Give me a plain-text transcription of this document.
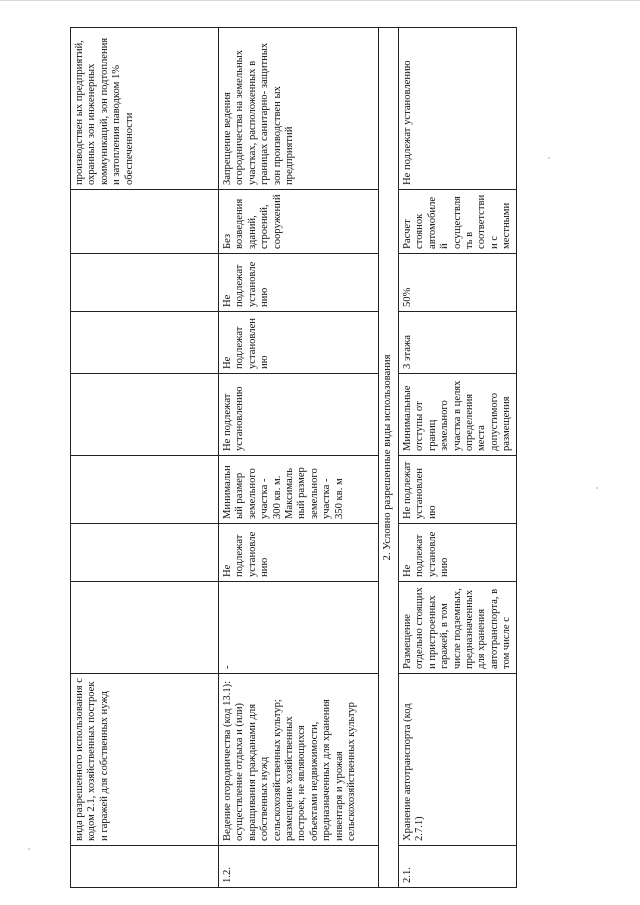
	вида разрешенного использования с кодом 2.1, хозяйственных построек и гаражей для собственных нужд								производствен ых предприятий, охранных зон инженерных коммуникаций, зон подтопления и затопления паводком 1% обеспеченности

1.2.	Ведение огородничества (код 13.1): осуществление отдыха и (или) выращивания гражданами для собственных нужд сельскохозяйственных культур; размещение хозяйственных построек, не являющихся объектами недвижимости, предназначенных для хранения инвентаря и урожая сельскохозяйственных культур	-	Не подлежат установле нию	Минимальн ый размер земельного участка - 300 кв. м. Максималь ный размер земельного участка - 350 кв. м	Не подлежат установлению	Не подлежат установлен ию	Не подлежат установле нию	Без возведения зданий, строений, сооружений	Запрещение ведения огородничества на земельных участках, расположенных в границах санитарно- защитных зон производствен ых предприятий

2. Условно разрешенные виды использования									

2.1.	Хранение автотранспорта (код 2.7.1)	Размещение отдельно стоящих и пристроенных гаражей, в том числе подземных, предназначенных для хранения автотранспорта, в том числе с	Не подлежат установле нию	Не подлежат установлен ию	Минимальные отступы от границ земельного участка в целях определения места допустимого размещения	3 этажа	50%	Расчет стоянок автомобиле й осуществля ть в соответстви и с местными	Не подлежат установлению
